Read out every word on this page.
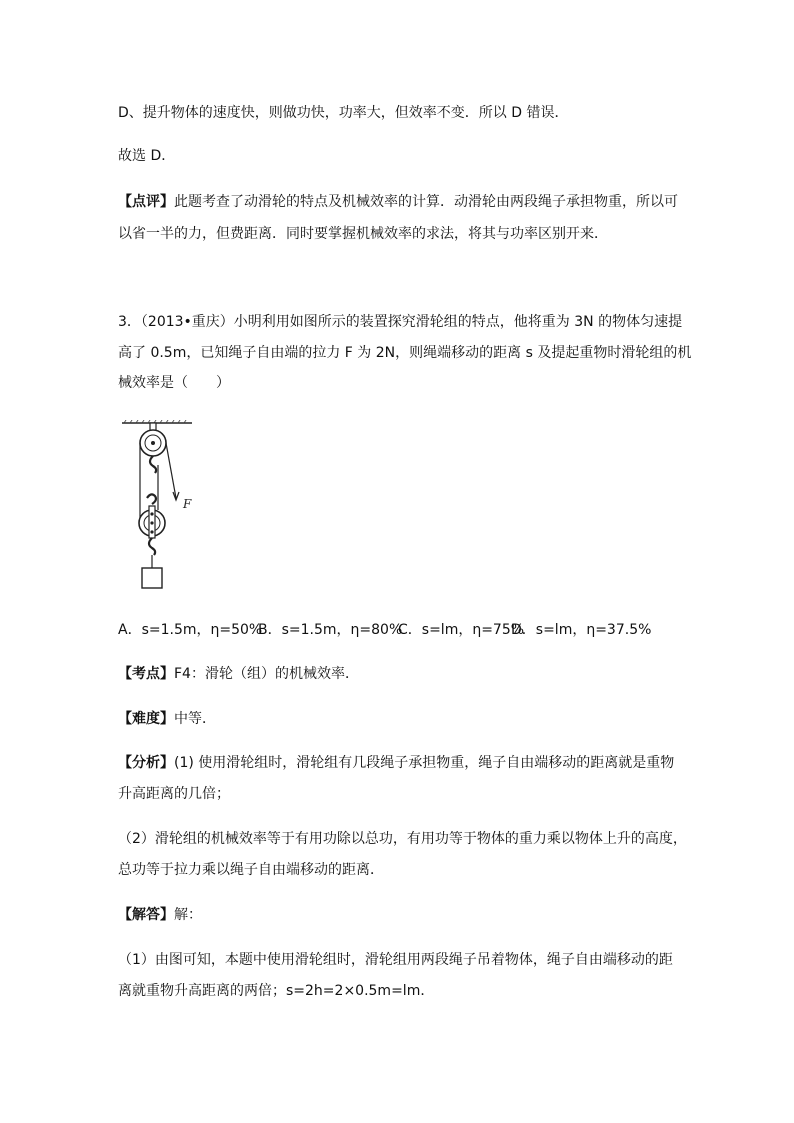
D、提升物体的速度快，则做功快，功率大，但效率不变．所以 D 错误．
故选 D．
【点评】此题考查了动滑轮的特点及机械效率的计算．动滑轮由两段绳子承担物重，所以可
以省一半的力，但费距离．同时要掌握机械效率的求法，将其与功率区别开来．
3．（2013•重庆）小明利用如图所示的装置探究滑轮组的特点，他将重为 3N 的物体匀速提
高了 0.5m，已知绳子自由端的拉力 F 为 2N，则绳端移动的距离 s 及提起重物时滑轮组的机
械效率是（　　）
F
A．s=1.5m，η=50%
B．s=1.5m，η=80%
C．s=lm，η=75%
D．s=lm，η=37.5%
【考点】F4：滑轮（组）的机械效率．
【难度】中等．
【分析】(1) 使用滑轮组时，滑轮组有几段绳子承担物重，绳子自由端移动的距离就是重物
升高距离的几倍；
（2）滑轮组的机械效率等于有用功除以总功，有用功等于物体的重力乘以物体上升的高度，
总功等于拉力乘以绳子自由端移动的距离．
【解答】解：
（1）由图可知，本题中使用滑轮组时，滑轮组用两段绳子吊着物体，绳子自由端移动的距
离就重物升高距离的两倍；s=2h=2×0.5m=lm．
